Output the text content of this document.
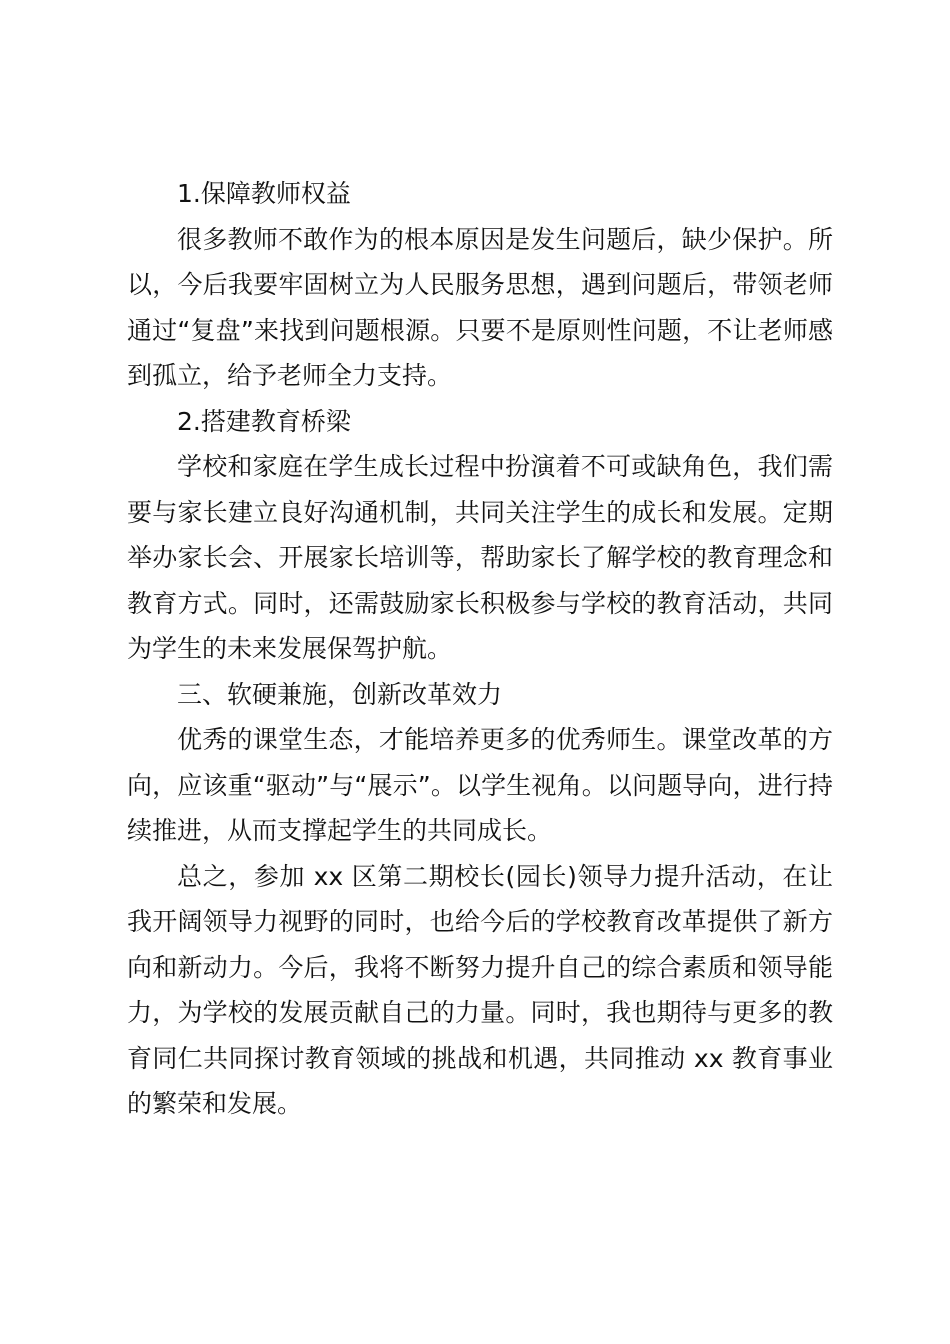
1.保障教师权益

很多教师不敢作为的根本原因是发生问题后，缺少保护。所以，今后我要牢固树立为人民服务思想，遇到问题后，带领老师通过“复盘”来找到问题根源。只要不是原则性问题，不让老师感到孤立，给予老师全力支持。

2.搭建教育桥梁

学校和家庭在学生成长过程中扮演着不可或缺角色，我们需要与家长建立良好沟通机制，共同关注学生的成长和发展。定期举办家长会、开展家长培训等，帮助家长了解学校的教育理念和教育方式。同时，还需鼓励家长积极参与学校的教育活动，共同为学生的未来发展保驾护航。

三、软硬兼施，创新改革效力

优秀的课堂生态，才能培养更多的优秀师生。课堂改革的方向，应该重“驱动”与“展示”。以学生视角。以问题导向，进行持续推进，从而支撑起学生的共同成长。

总之，参加 xx 区第二期校长(园长)领导力提升活动，在让我开阔领导力视野的同时，也给今后的学校教育改革提供了新方向和新动力。今后，我将不断努力提升自己的综合素质和领导能力，为学校的发展贡献自己的力量。同时，我也期待与更多的教育同仁共同探讨教育领域的挑战和机遇，共同推动 xx 教育事业的繁荣和发展。
